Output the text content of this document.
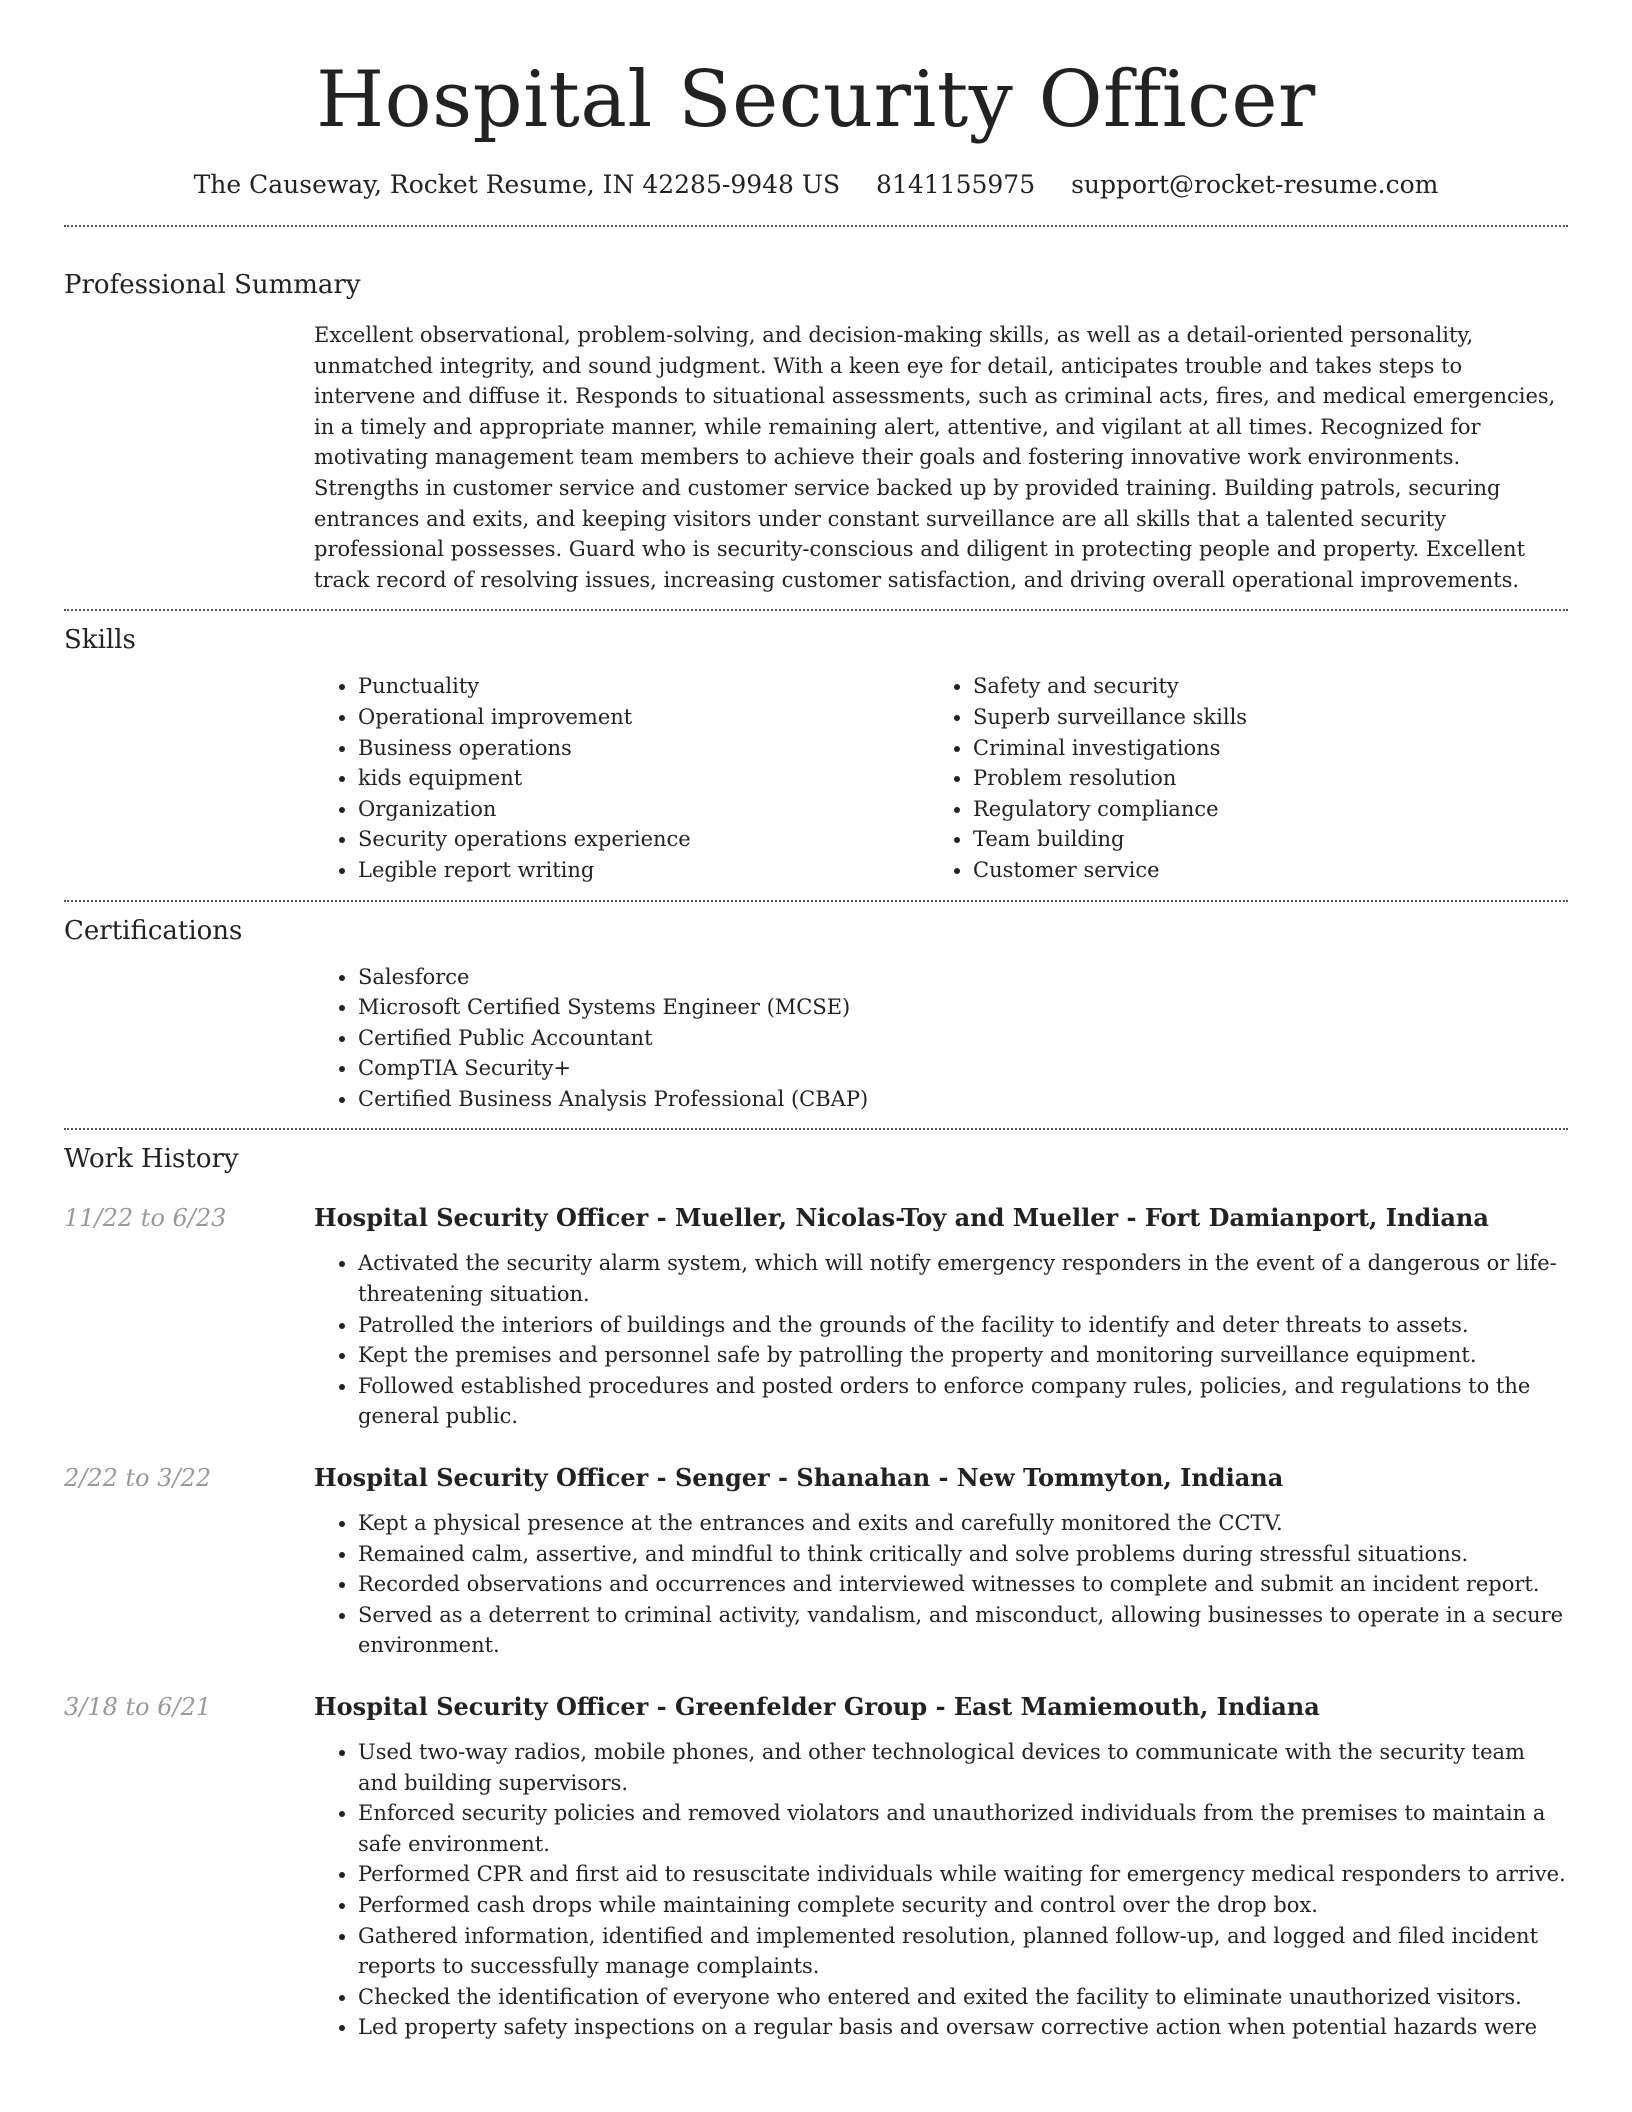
Hospital Security Officer
The Causeway, Rocket Resume, IN 42285-9948 US 8141155975 support@rocket-resume.com
Professional Summary

Excellent observational, problem-solving, and decision-making skills, as well as a detail-oriented personality, unmatched integrity, and sound judgment. With a keen eye for detail, anticipates trouble and takes steps to intervene and diffuse it. Responds to situational assessments, such as criminal acts, fires, and medical emergencies, in a timely and appropriate manner, while remaining alert, attentive, and vigilant at all times. Recognized for motivating management team members to achieve their goals and fostering innovative work environments. Strengths in customer service and customer service backed up by provided training. Building patrols, securing entrances and exits, and keeping visitors under constant surveillance are all skills that a talented security professional possesses. Guard who is security-conscious and diligent in protecting people and property. Excellent track record of resolving issues, increasing customer satisfaction, and driving overall operational improvements.

Skills
• Punctuality
• Operational improvement
• Business operations
• kids equipment
• Organization
• Security operations experience
• Legible report writing
• Safety and security
• Superb surveillance skills
• Criminal investigations
• Problem resolution
• Regulatory compliance
• Team building
• Customer service
Certifications
• Salesforce
• Microsoft Certified Systems Engineer (MCSE)
• Certified Public Accountant
• CompTIA Security+
• Certified Business Analysis Professional (CBAP)
Work History
11/22 to 6/23	Hospital Security Officer - Mueller, Nicolas-Toy and Mueller - Fort Damianport, Indiana
• Activated the security alarm system, which will notify emergency responders in the event of a dangerous or life-threatening situation.
• Patrolled the interiors of buildings and the grounds of the facility to identify and deter threats to assets.
• Kept the premises and personnel safe by patrolling the property and monitoring surveillance equipment.
• Followed established procedures and posted orders to enforce company rules, policies, and regulations to the general public.
2/22 to 3/22	Hospital Security Officer - Senger - Shanahan - New Tommyton, Indiana
• Kept a physical presence at the entrances and exits and carefully monitored the CCTV.
• Remained calm, assertive, and mindful to think critically and solve problems during stressful situations.
• Recorded observations and occurrences and interviewed witnesses to complete and submit an incident report.
• Served as a deterrent to criminal activity, vandalism, and misconduct, allowing businesses to operate in a secure environment.
3/18 to 6/21	Hospital Security Officer - Greenfelder Group - East Mamiemouth, Indiana
• Used two-way radios, mobile phones, and other technological devices to communicate with the security team and building supervisors.
• Enforced security policies and removed violators and unauthorized individuals from the premises to maintain a safe environment.
• Performed CPR and first aid to resuscitate individuals while waiting for emergency medical responders to arrive.
• Performed cash drops while maintaining complete security and control over the drop box.
• Gathered information, identified and implemented resolution, planned follow-up, and logged and filed incident reports to successfully manage complaints.
• Checked the identification of everyone who entered and exited the facility to eliminate unauthorized visitors.
• Led property safety inspections on a regular basis and oversaw corrective action when potential hazards were
